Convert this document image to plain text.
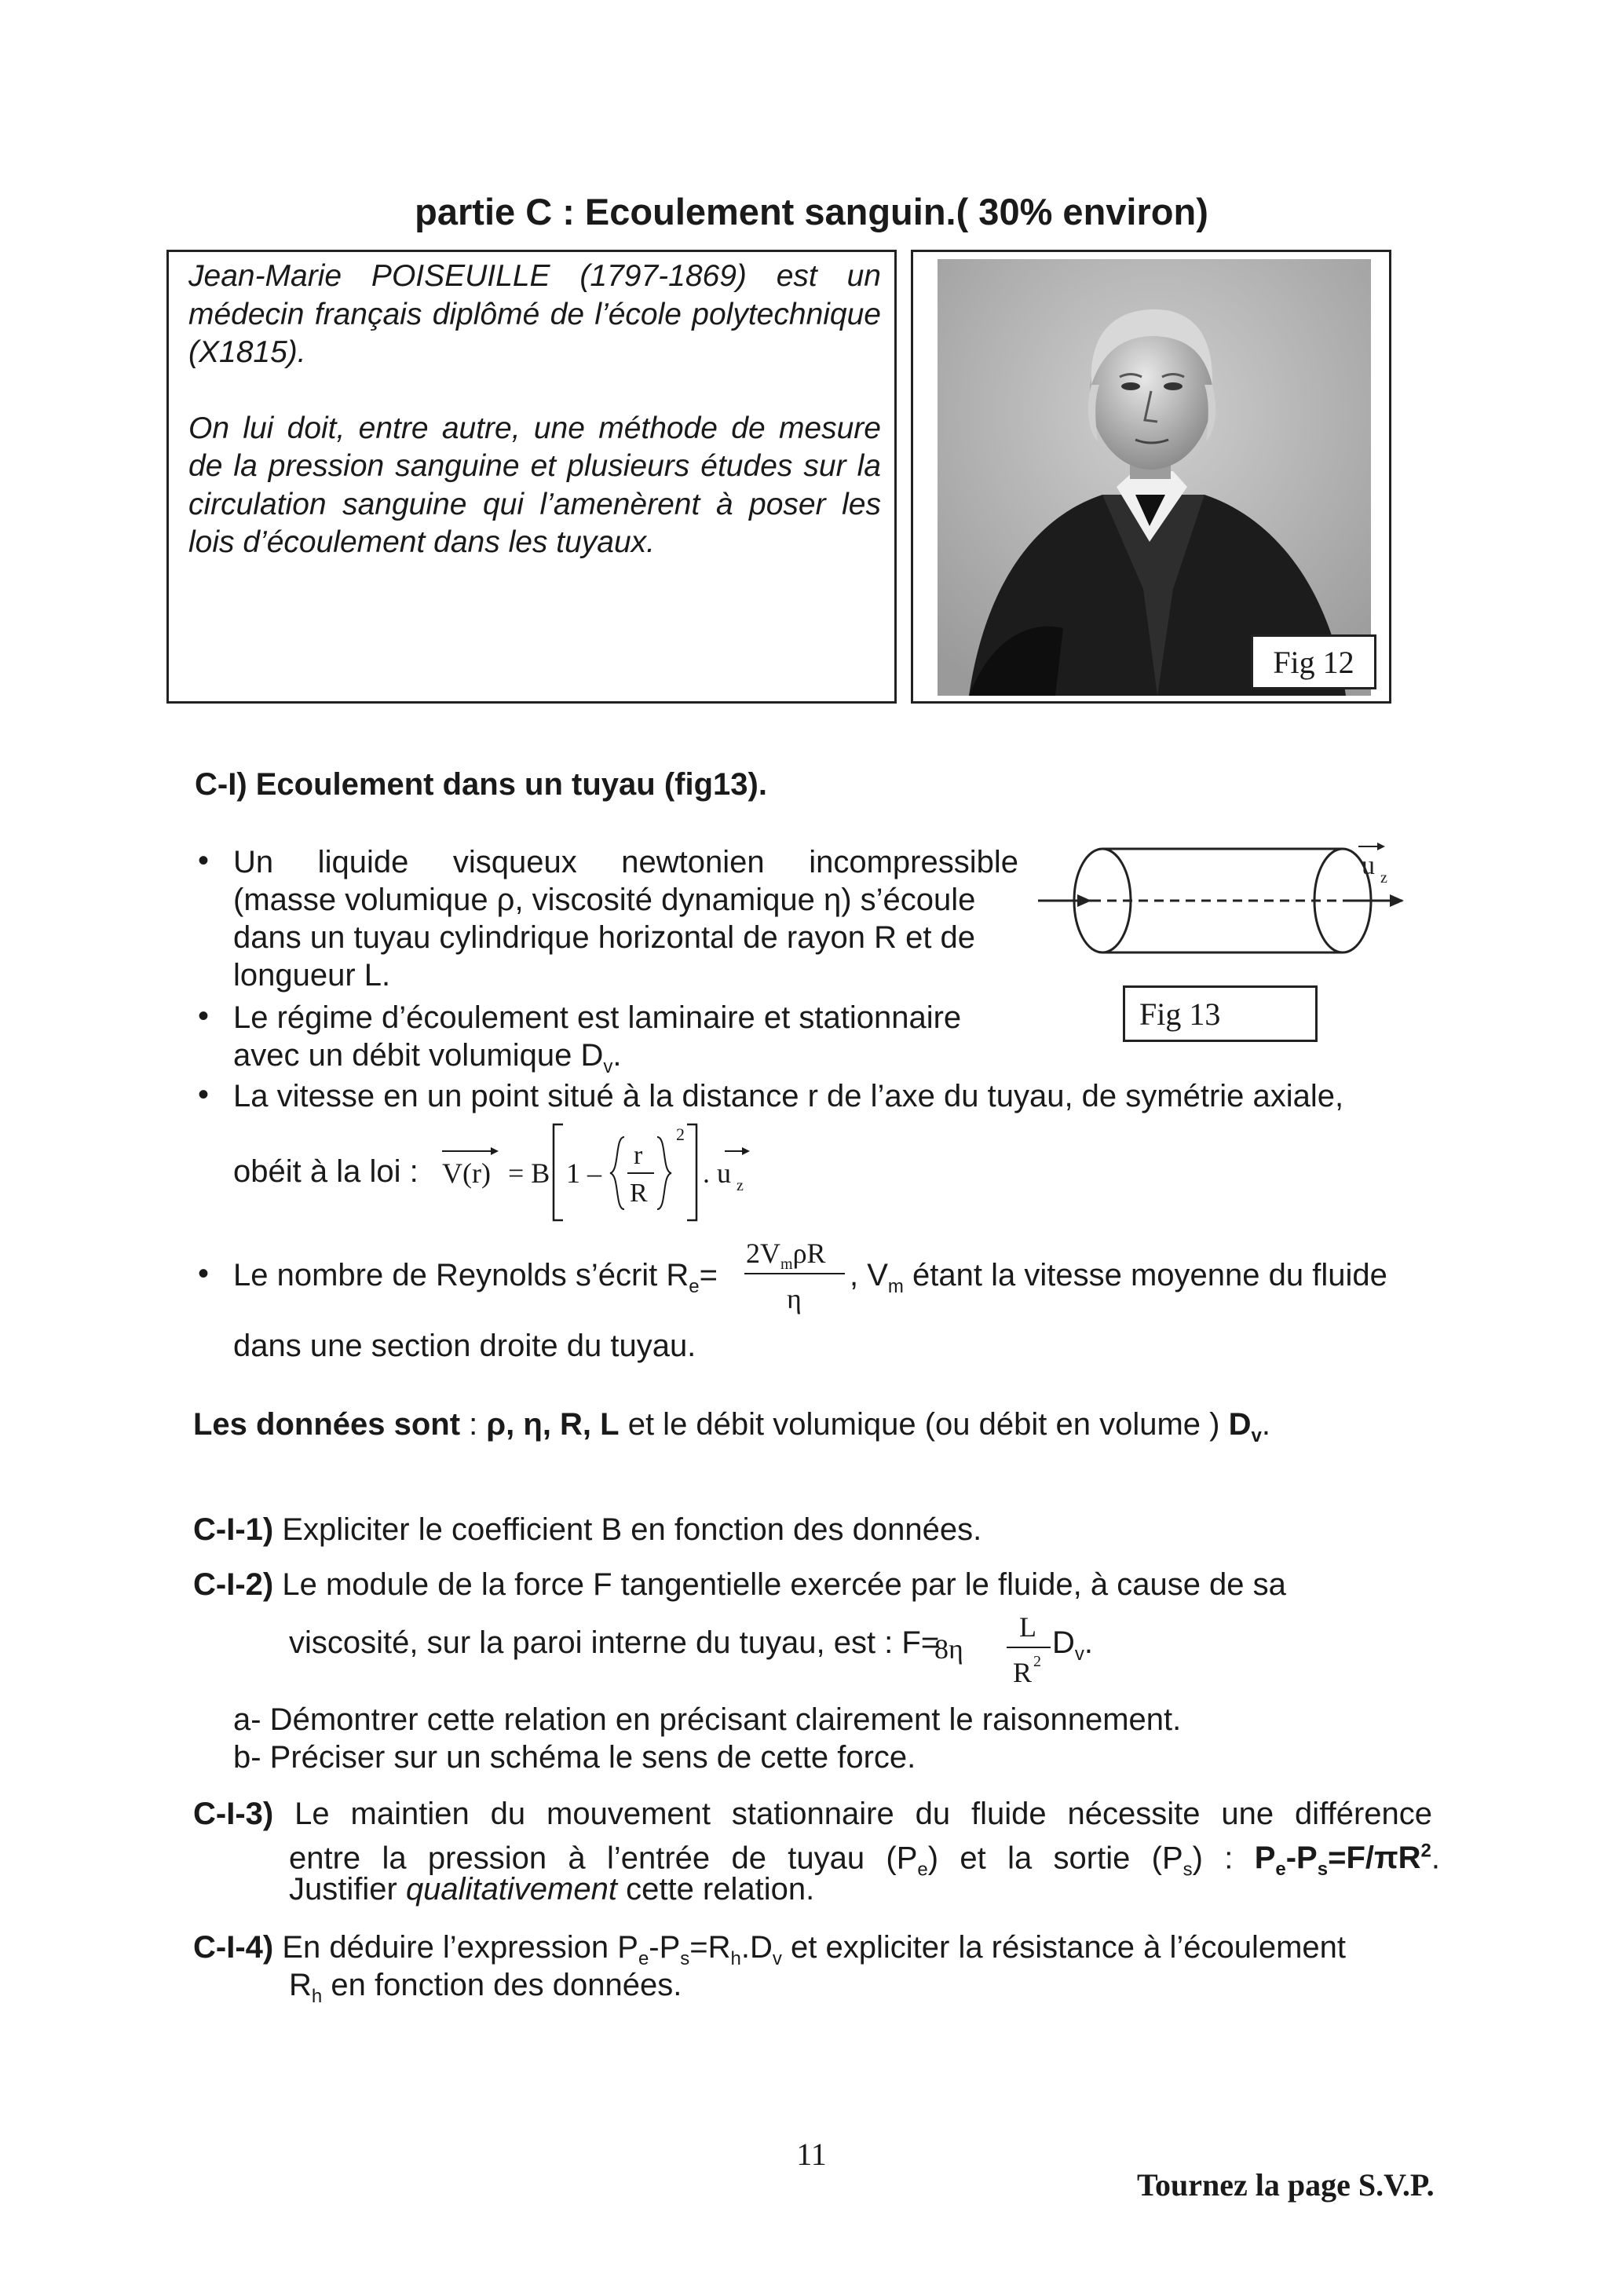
partie C : Ecoulement sanguin.( 30% environ)

Jean-Marie POISEUILLE (1797-1869) est un médecin français diplômé de l’école polytechnique (X1815).

On lui doit, entre autre, une méthode de mesure de la pression sanguine et plusieurs études sur la circulation sanguine qui l’amenèrent à poser les lois d’écoulement dans les tuyaux.

Fig 12
C-I) Ecoulement dans un tuyau (fig13).
• Un liquide visqueux newtonien incompressible
(masse volumique ρ, viscosité dynamique η) s’écoule
dans un tuyau cylindrique horizontal de rayon R et de
longueur L.
• Le régime d’écoulement est laminaire et stationnaire
avec un débit volumique $D_v$.
u z
Fig 13
• La vitesse en un point situé à la distance r de l’axe du tuyau, de symétrie axiale,
obéit à la loi : V(r) = B 1 –
r
R
2
. u z
• Le nombre de Reynolds s’écrit $R_e=$
$2V_m\rho R$
η
, $V_m$ étant la vitesse moyenne du fluide
dans une section droite du tuyau.
Les données sont : ρ, η, R, L et le débit volumique (ou débit en volume ) $D_v$.
C-I-1) Expliciter le coefficient B en fonction des données.
C-I-2) Le module de la force F tangentielle exercée par le fluide, à cause de sa
viscosité, sur la paroi interne du tuyau, est : F=
8η
L
R 2
$D_v$.
a- Démontrer cette relation en précisant clairement le raisonnement.
b- Préciser sur un schéma le sens de cette force.
C-I-3) Le maintien du mouvement stationnaire du fluide nécessite une différence
entre la pression à l’entrée de tuyau $(P_e)$ et la sortie $(P_s)$ : $P_e-P_s=F/\pi R^2$.
Justifier qualitativement cette relation.
C-I-4) En déduire l’expression $P_e-P_s=R_h.D_v$ et expliciter la résistance à l’écoulement
$R_h$ en fonction des données.
11
Tournez la page S.V.P.
